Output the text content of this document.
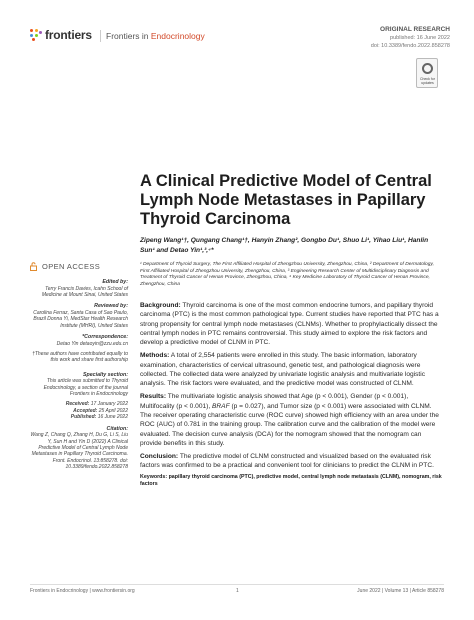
frontiers Frontiers in Endocrinology
ORIGINAL RESEARCH
published: 16 June 2022
doi: 10.3389/fendo.2022.858278
Check for updates
A Clinical Predictive Model of Central Lymph Node Metastases in Papillary Thyroid Carcinoma
Zipeng Wang¹†, Qungang Chang¹†, Hanyin Zhang², Gongbo Du¹, Shuo Li¹, Yihao Liu¹, Hanlin Sun¹ and Detao Yin¹,³,⁴*
¹ Department of Thyroid Surgery, The First Affiliated Hospital of Zhengzhou University, Zhengzhou, China, ² Department of Dermatology, First Affiliated Hospital of Zhengzhou University, Zhengzhou, China, ³ Engineering Research Center of Multidisciplinary Diagnosis and Treatment of Thyroid Cancer of Henan Province, Zhengzhou, China, ⁴ Key Medicine Laboratory of Thyroid Cancer of Henan Province, Zhengzhou, China
OPEN ACCESS
Edited by:
Terry Francis Davies, Icahn School of Medicine at Mount Sinai, United States
Reviewed by:
Carolina Ferraz, Santa Casa of Sao Paulo, Brazil Donna Yi, MedStar Health Research Institute (MHRI), United States
*Correspondence:
Detao Yin detaoyin@zzu.edu.cn
†These authors have contributed equally to this work and share first authorship
Specialty section:
This article was submitted to Thyroid Endocrinology, a section of the journal Frontiers in Endocrinology
Received: 17 January 2022
Accepted: 25 April 2022
Published: 16 June 2022
Citation:
Wang Z, Chang Q, Zhang H, Du G, Li S, Liu Y, Sun H and Yin D (2022) A Clinical Predictive Model of Central Lymph Node Metastases in Papillary Thyroid Carcinoma. Front. Endocrinol. 13:858278. doi: 10.3389/fendo.2022.858278

Background: Thyroid carcinoma is one of the most common endocrine tumors, and papillary thyroid carcinoma (PTC) is the most common pathological type. Current studies have reported that PTC has a strong propensity for central lymph node metastases (CLNMs). Whether to prophylactically dissect the central lymph nodes in PTC remains controversial. This study aimed to explore the risk factors and develop a predictive model of CLNM in PTC.

Methods: A total of 2,554 patients were enrolled in this study. The basic information, laboratory examination, characteristics of cervical ultrasound, genetic test, and pathological diagnosis were collected. The collected data were analyzed by univariate logistic analysis and multivariate logistic analysis. The risk factors were evaluated, and the predictive model was constructed of CLNM.

Results: The multivariate logistic analysis showed that Age (p < 0.001), Gender (p < 0.001), Multifocality (p < 0.001), BRAF (p = 0.027), and Tumor size (p < 0.001) were associated with CLNM. The receiver operating characteristic curve (ROC curve) showed high efficiency with an area under the ROC (AUC) of 0.781 in the training group. The calibration curve and the calibration of the model were evaluated. The decision curve analysis (DCA) for the nomogram showed that the nomogram can provide benefits in this study.

Conclusion: The predictive model of CLNM constructed and visualized based on the evaluated risk factors was confirmed to be a practical and convenient tool for clinicians to predict the CLNM in PTC.

Keywords: papillary thyroid carcinoma (PTC), predictive model, central lymph node metastasis (CLNM), nomogram, risk factors

Frontiers in Endocrinology | www.frontiersin.org	1	June 2022 | Volume 13 | Article 858278
